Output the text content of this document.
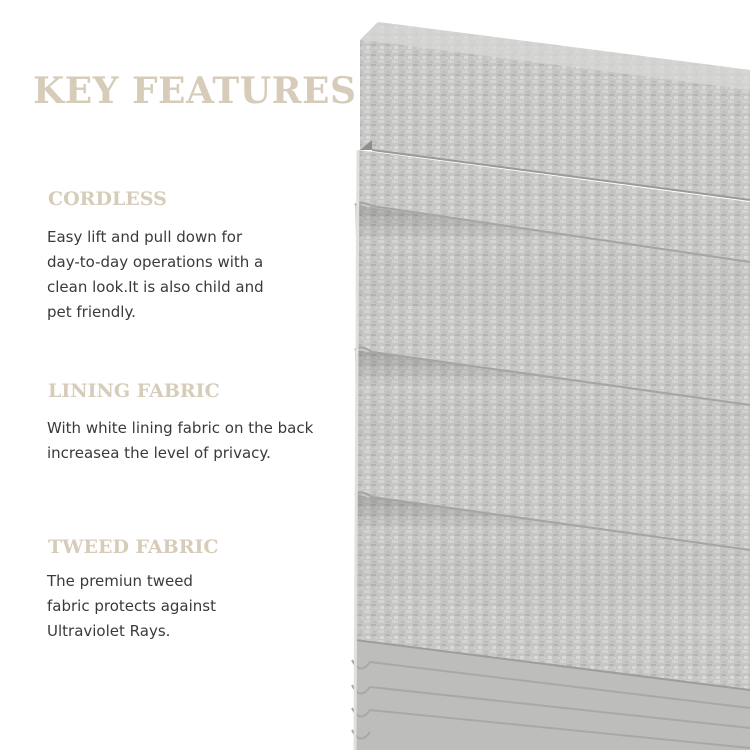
KEY FEATURES
CORDLESS
Easy lift and pull down for
day-to-day operations with a
clean look.It is also child and
pet friendly.
LINING FABRIC
With white lining fabric on the back
increasea the level of privacy.
TWEED FABRIC
The premiun tweed
fabric protects against
Ultraviolet Rays.
